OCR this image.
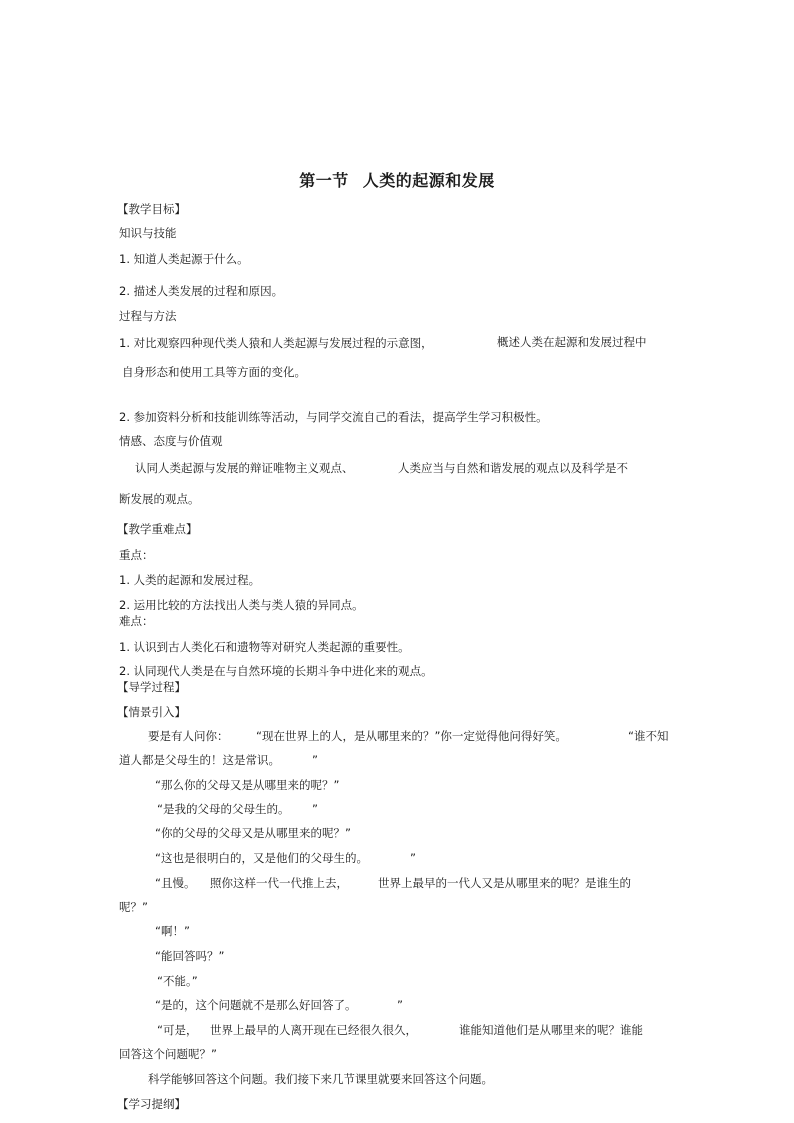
第一节 人类的起源和发展
【教学目标】
知识与技能
1. 知道人类起源于什么。
2. 描述人类发展的过程和原因。
过程与方法
1. 对比观察四种现代类人猿和人类起源与发展过程的示意图，	概述人类在起源和发展过程中
自身形态和使用工具等方面的变化。
2. 参加资料分析和技能训练等活动，与同学交流自己的看法，提高学生学习积极性。
情感、态度与价值观
认同人类起源与发展的辩证唯物主义观点、	人类应当与自然和谐发展的观点以及科学是不
断发展的观点。
【教学重难点】
重点：
1. 人类的起源和发展过程。
2. 运用比较的方法找出人类与类人猿的异同点。
难点：
1. 认识到古人类化石和遗物等对研究人类起源的重要性。
2. 认同现代人类是在与自然环境的长期斗争中进化来的观点。
【导学过程】
【情景引入】
要是有人问你： “现在世界上的人，是从哪里来的？”你一定觉得他问得好笑。	“谁不知
道人都是父母生的！这是常识。	”
“那么你的父母又是从哪里来的呢？”
“是我的父母的父母生的。 ”
“你的父母的父母又是从哪里来的呢？”
“这也是很明白的，又是他们的父母生的。	”
“且慢。 照你这样一代一代推上去，	世界上最早的一代人又是从哪里来的呢？是谁生的
呢？”
“啊！”
“能回答吗？”
“不能。”
“是的，这个问题就不是那么好回答了。	”
“可是， 世界上最早的人离开现在已经很久很久，	谁能知道他们是从哪里来的呢？谁能
回答这个问题呢？”
科学能够回答这个问题。我们接下来几节课里就要来回答这个问题。
【学习提纲】
